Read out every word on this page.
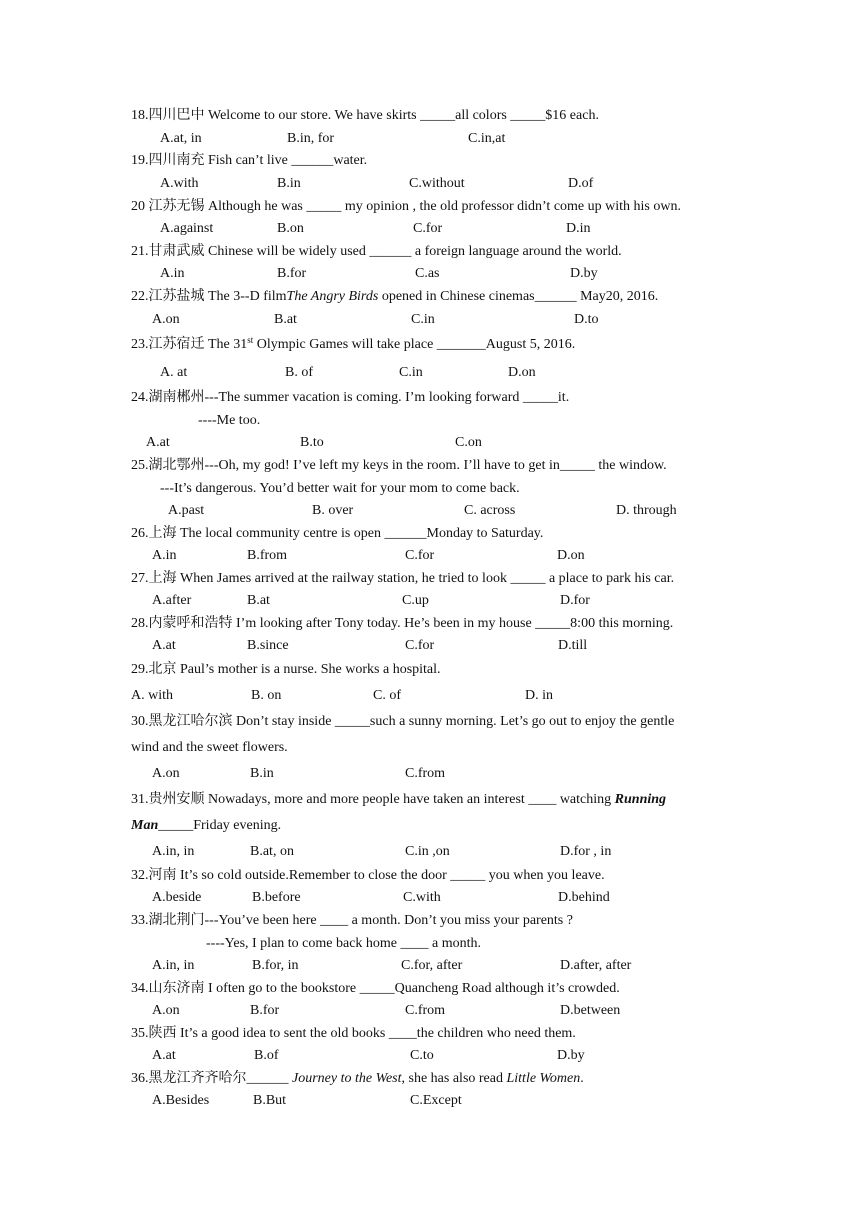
18.四川巴中 Welcome to our store. We have skirts _____all colors _____$16 each.
A.at, in	B.in, for	C.in,at
19.四川南充 Fish can’t live ______water.
A.with	B.in	C.without	D.of
20 江苏无锡 Although he was _____ my opinion , the old professor didn’t come up with his own.
A.against	B.on	C.for	D.in
21.甘肃武威 Chinese will be widely used ______ a foreign language around the world.
A.in	B.for	C.as	D.by
22.江苏盐城 The 3--D filmThe Angry Birds opened in Chinese cinemas______ May20, 2016.
A.on	B.at	C.in	D.to
23.江苏宿迁 The 31st Olympic Games will take place _______August 5, 2016.
A. at	B. of	C.in	D.on
24.湖南郴州---The summer vacation is coming. I’m looking forward _____it.
----Me too.
A.at	B.to	C.on
25.湖北鄂州---Oh, my god! I’ve left my keys in the room. I’ll have to get in_____ the window.
---It’s dangerous. You’d better wait for your mom to come back.
A.past	B. over	C. across	D. through
26.上海 The local community centre is open ______Monday to Saturday.
A.in	B.from	C.for	D.on
27.上海 When James arrived at the railway station, he tried to look _____ a place to park his car.
A.after	B.at	C.up	D.for
28.内蒙呼和浩特 I’m looking after Tony today. He’s been in my house _____8:00 this morning.
A.at	B.since	C.for	D.till
29.北京 Paul’s mother is a nurse. She works a hospital.
A. with	B. on	C. of	D. in
30.黑龙江哈尔滨 Don’t stay inside _____such a sunny morning. Let’s go out to enjoy the gentle
wind and the sweet flowers.
A.on	B.in	C.from
31.贵州安顺 Nowadays, more and more people have taken an interest ____ watching Running
Man_____Friday evening.
A.in, in	B.at, on	C.in ,on	D.for , in
32.河南 It’s so cold outside.Remember to close the door _____ you when you leave.
A.beside	B.before	C.with	D.behind
33.湖北荆门---You’ve been here ____ a month. Don’t you miss your parents ?
----Yes, I plan to come back home ____ a month.
A.in, in	B.for, in	C.for, after	D.after, after
34.山东济南 I often go to the bookstore _____Quancheng Road although it’s crowded.
A.on	B.for	C.from	D.between
35.陕西 It’s a good idea to sent the old books ____the children who need them.
A.at	B.of	C.to	D.by
36.黑龙江齐齐哈尔______ Journey to the West, she has also read Little Women.
A.Besides	B.But	C.Except
